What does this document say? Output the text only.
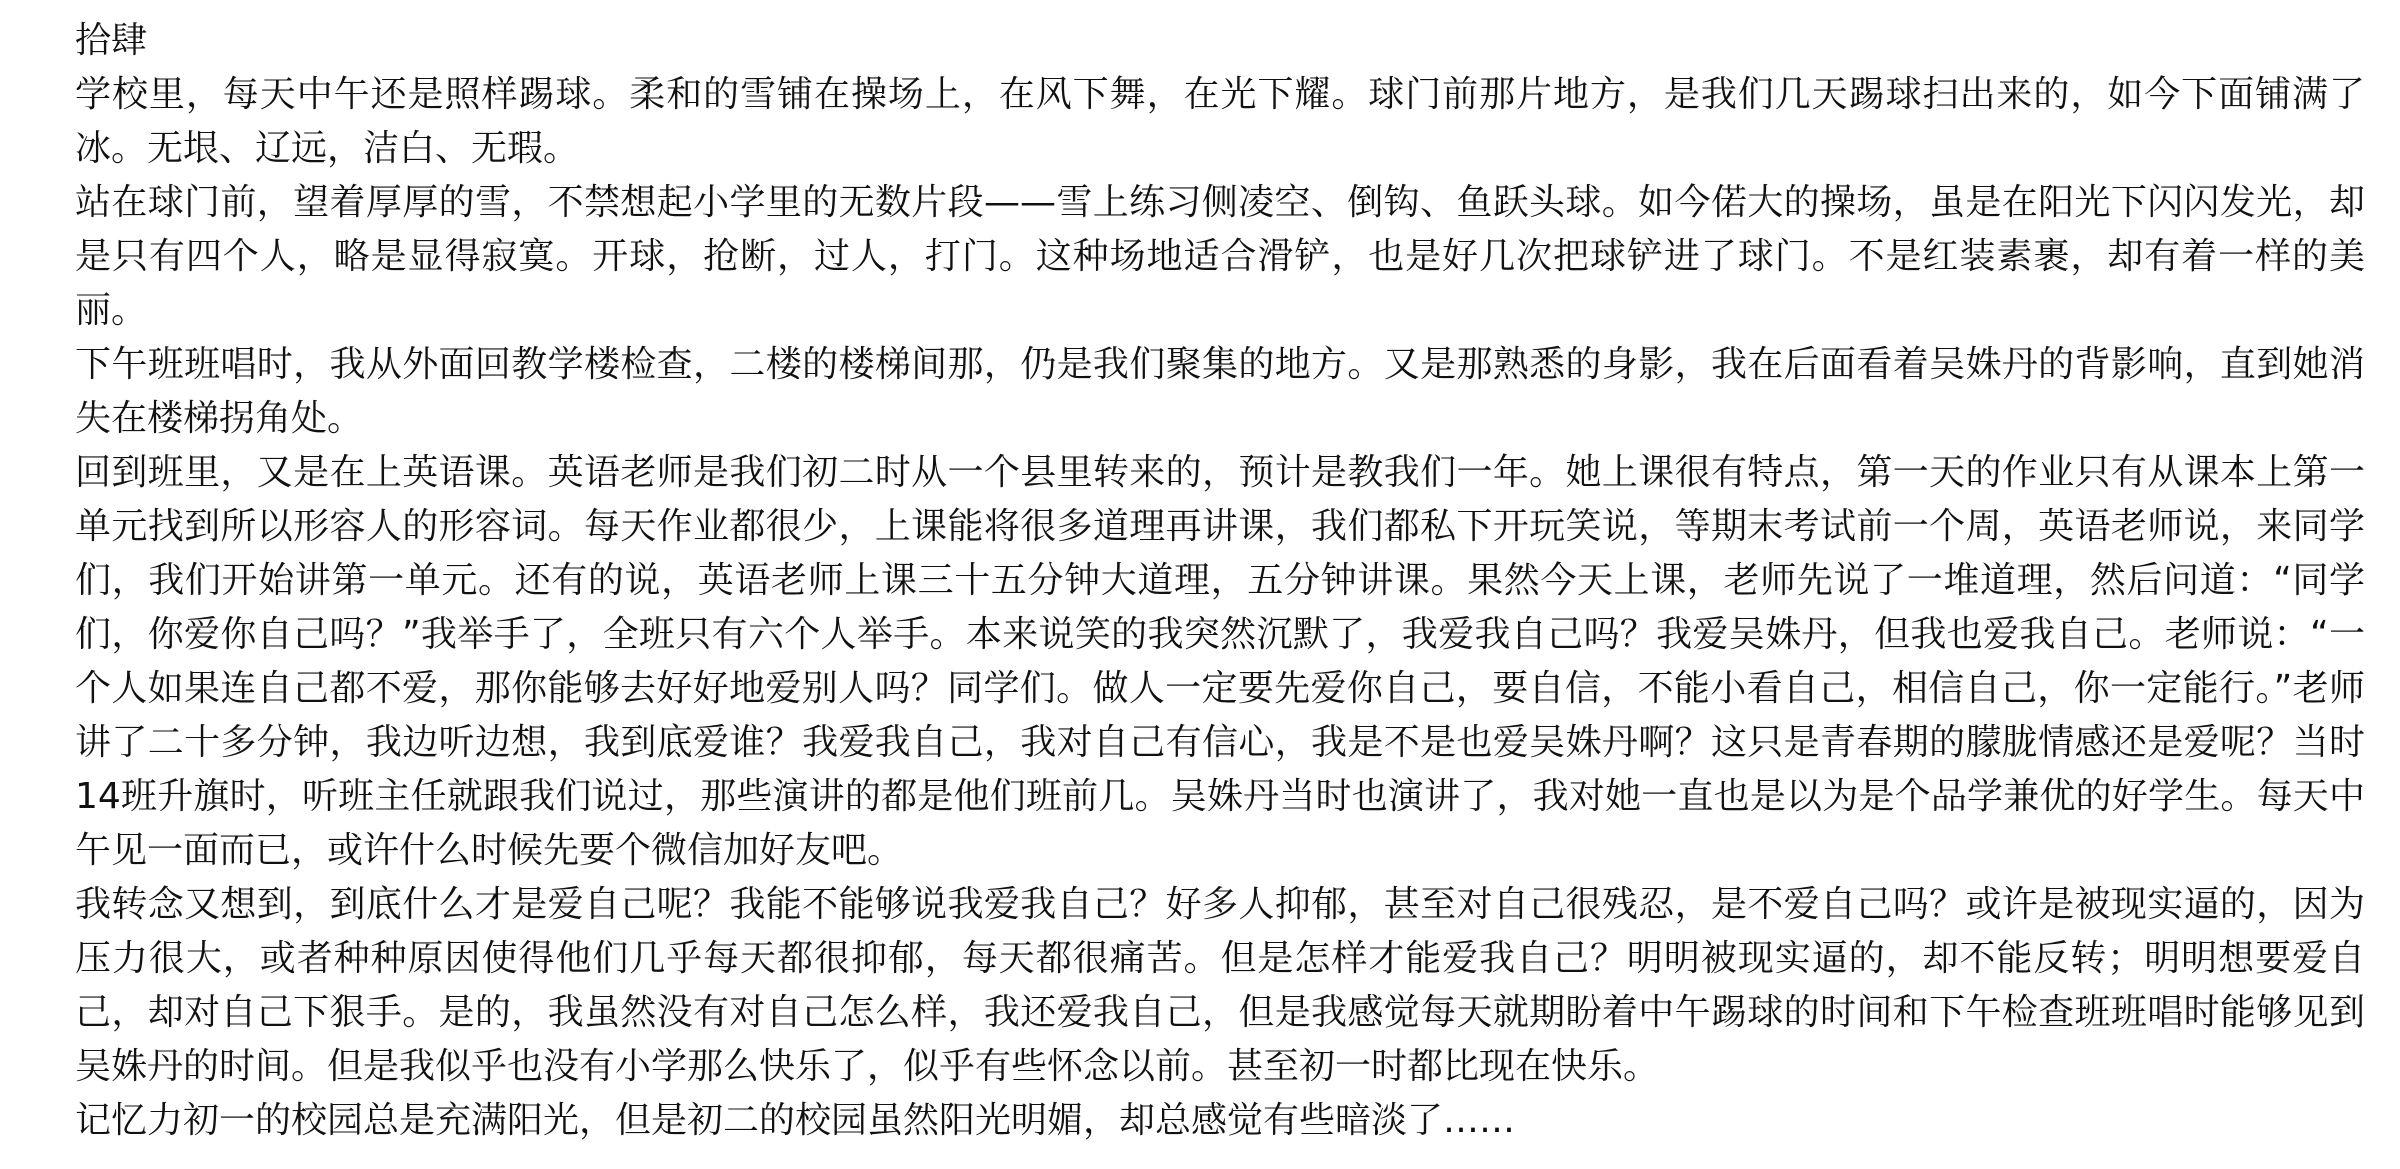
拾肆

学校里，每天中午还是照样踢球。柔和的雪铺在操场上，在风下舞，在光下耀。球门前那片地方，是我们几天踢球扫出来的，如今下面铺满了冰。无垠、辽远，洁白、无瑕。

站在球门前，望着厚厚的雪，不禁想起小学里的无数片段——雪上练习侧凌空、倒钩、鱼跃头球。如今偌大的操场，虽是在阳光下闪闪发光，却是只有四个人，略是显得寂寞。开球，抢断，过人，打门。这种场地适合滑铲，也是好几次把球铲进了球门。不是红装素裹，却有着一样的美丽。

下午班班唱时，我从外面回教学楼检查，二楼的楼梯间那，仍是我们聚集的地方。又是那熟悉的身影，我在后面看着吴姝丹的背影响，直到她消失在楼梯拐角处。

回到班里，又是在上英语课。英语老师是我们初二时从一个县里转来的，预计是教我们一年。她上课很有特点，第一天的作业只有从课本上第一单元找到所以形容人的形容词。每天作业都很少，上课能将很多道理再讲课，我们都私下开玩笑说，等期末考试前一个周，英语老师说，来同学们，我们开始讲第一单元。还有的说，英语老师上课三十五分钟大道理，五分钟讲课。果然今天上课，老师先说了一堆道理，然后问道：“同学们，你爱你自己吗？”我举手了，全班只有六个人举手。本来说笑的我突然沉默了，我爱我自己吗？我爱吴姝丹，但我也爱我自己。老师说：“一个人如果连自己都不爱，那你能够去好好地爱别人吗？同学们。做人一定要先爱你自己，要自信，不能小看自己，相信自己，你一定能行。”老师讲了二十多分钟，我边听边想，我到底爱谁？我爱我自己，我对自己有信心，我是不是也爱吴姝丹啊？这只是青春期的朦胧情感还是爱呢？当时14班升旗时，听班主任就跟我们说过，那些演讲的都是他们班前几。吴姝丹当时也演讲了，我对她一直也是以为是个品学兼优的好学生。每天中午见一面而已，或许什么时候先要个微信加好友吧。

我转念又想到，到底什么才是爱自己呢？我能不能够说我爱我自己？好多人抑郁，甚至对自己很残忍，是不爱自己吗？或许是被现实逼的，因为压力很大，或者种种原因使得他们几乎每天都很抑郁，每天都很痛苦。但是怎样才能爱我自己？明明被现实逼的，却不能反转；明明想要爱自己，却对自己下狠手。是的，我虽然没有对自己怎么样，我还爱我自己，但是我感觉每天就期盼着中午踢球的时间和下午检查班班唱时能够见到吴姝丹的时间。但是我似乎也没有小学那么快乐了，似乎有些怀念以前。甚至初一时都比现在快乐。

记忆力初一的校园总是充满阳光，但是初二的校园虽然阳光明媚，却总感觉有些暗淡了……
